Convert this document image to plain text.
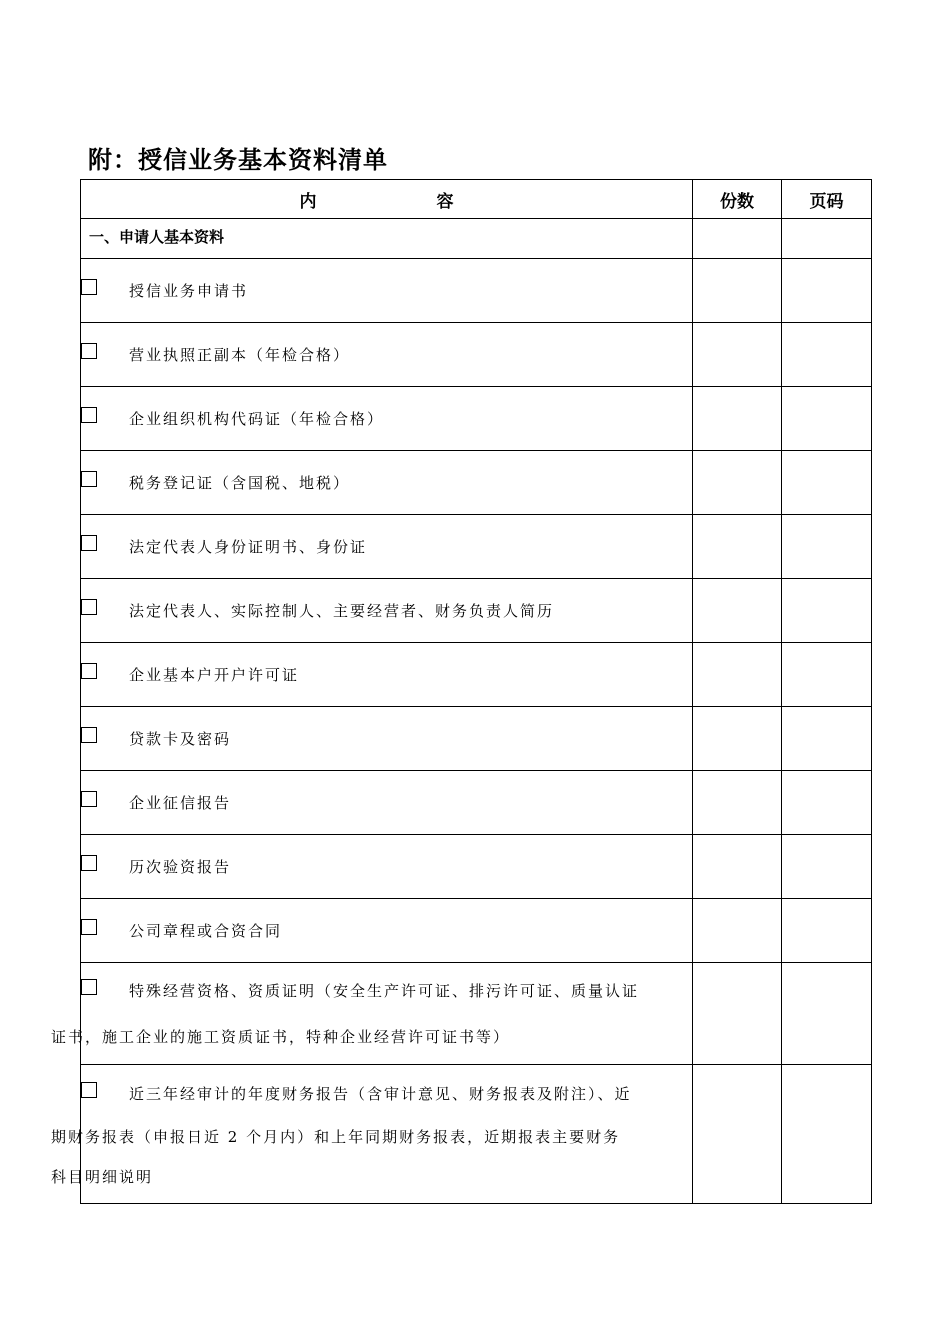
附：授信业务基本资料清单
内 容	份数	页码
一、申请人基本资料		

授信业务申请书		

营业执照正副本（年检合格）		

企业组织机构代码证（年检合格）		

税务登记证（含国税、地税）		

法定代表人身份证明书、身份证		

法定代表人、实际控制人、主要经营者、财务负责人简历		

企业基本户开户许可证		

贷款卡及密码		

企业征信报告		

历次验资报告		

公司章程或合资合同		

特殊经营资格、资质证明（安全生产许可证、排污许可证、质量认证
证书，施工企业的施工资质证书，特种企业经营许可证书等）		

近三年经审计的年度财务报告（含审计意见、财务报表及附注）、近
期财务报表（申报日近 2 个月内）和上年同期财务报表，近期报表主要财务
科目明细说明		
